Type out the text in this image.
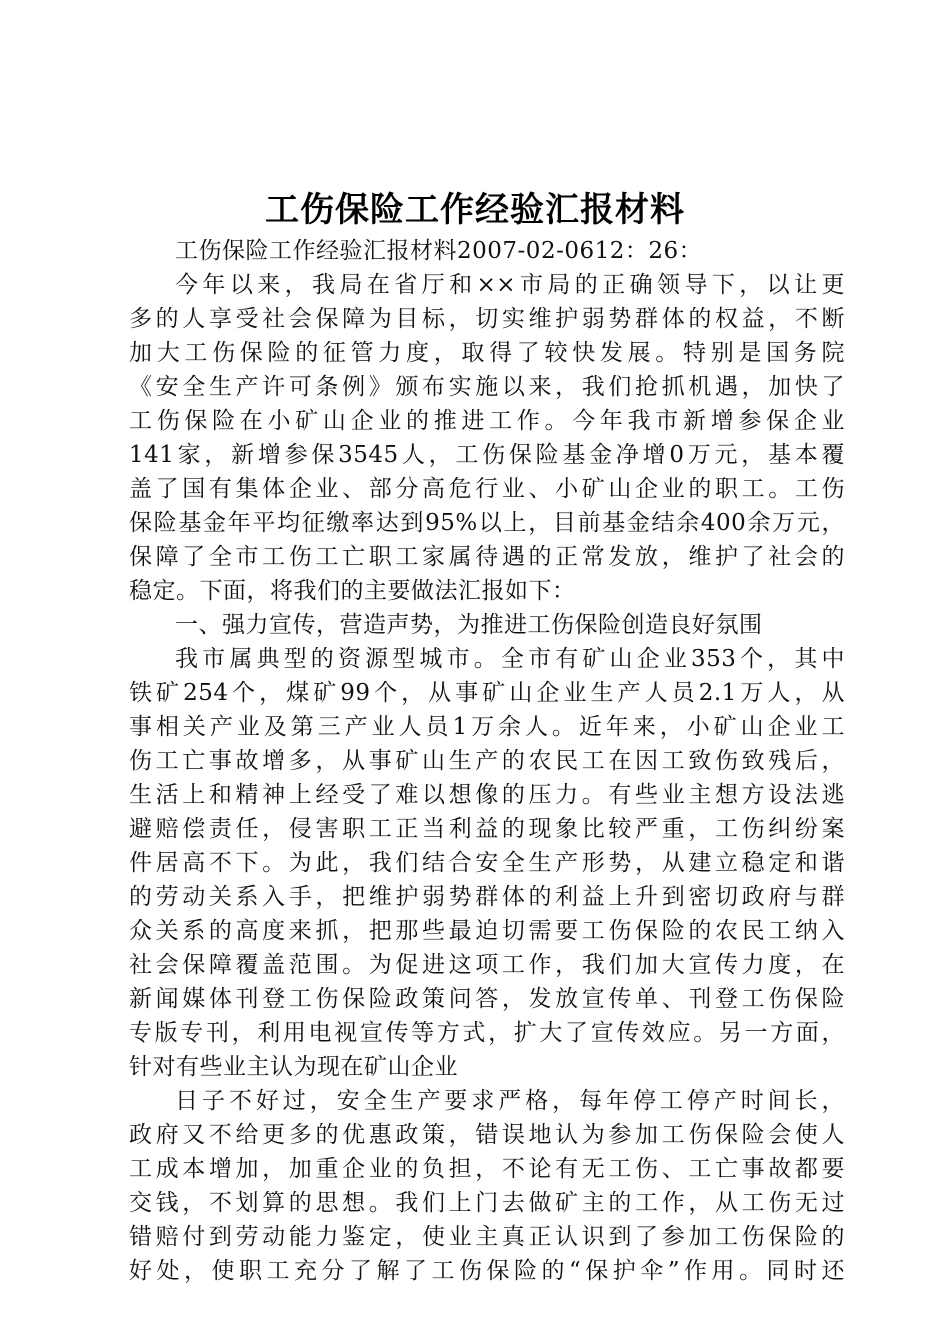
工伤保险工作经验汇报材料
工伤保险工作经验汇报材料2007-02-0612：26：
今年以来，我局在省厅和××市局的正确领导下，以让更
多的人享受社会保障为目标，切实维护弱势群体的权益，不断
加大工伤保险的征管力度，取得了较快发展。特别是国务院
《安全生产许可条例》颁布实施以来，我们抢抓机遇，加快了
工伤保险在小矿山企业的推进工作。今年我市新增参保企业
141家，新增参保3545人，工伤保险基金净增0万元，基本覆
盖了国有集体企业、部分高危行业、小矿山企业的职工。工伤
保险基金年平均征缴率达到95%以上，目前基金结余400余万元，
保障了全市工伤工亡职工家属待遇的正常发放，维护了社会的
稳定。下面，将我们的主要做法汇报如下：
一、强力宣传，营造声势，为推进工伤保险创造良好氛围
我市属典型的资源型城市。全市有矿山企业353个，其中
铁矿254个，煤矿99个，从事矿山企业生产人员2.1万人，从
事相关产业及第三产业人员1万余人。近年来，小矿山企业工
伤工亡事故增多，从事矿山生产的农民工在因工致伤致残后，
生活上和精神上经受了难以想像的压力。有些业主想方设法逃
避赔偿责任，侵害职工正当利益的现象比较严重，工伤纠纷案
件居高不下。为此，我们结合安全生产形势，从建立稳定和谐
的劳动关系入手，把维护弱势群体的利益上升到密切政府与群
众关系的高度来抓，把那些最迫切需要工伤保险的农民工纳入
社会保障覆盖范围。为促进这项工作，我们加大宣传力度，在
新闻媒体刊登工伤保险政策问答，发放宣传单、刊登工伤保险
专版专刊，利用电视宣传等方式，扩大了宣传效应。另一方面，
针对有些业主认为现在矿山企业
日子不好过，安全生产要求严格，每年停工停产时间长，
政府又不给更多的优惠政策，错误地认为参加工伤保险会使人
工成本增加，加重企业的负担，不论有无工伤、工亡事故都要
交钱，不划算的思想。我们上门去做矿主的工作，从工伤无过
错赔付到劳动能力鉴定，使业主真正认识到了参加工伤保险的
好处，使职工充分了解了工伤保险的“保护伞”作用。同时还
